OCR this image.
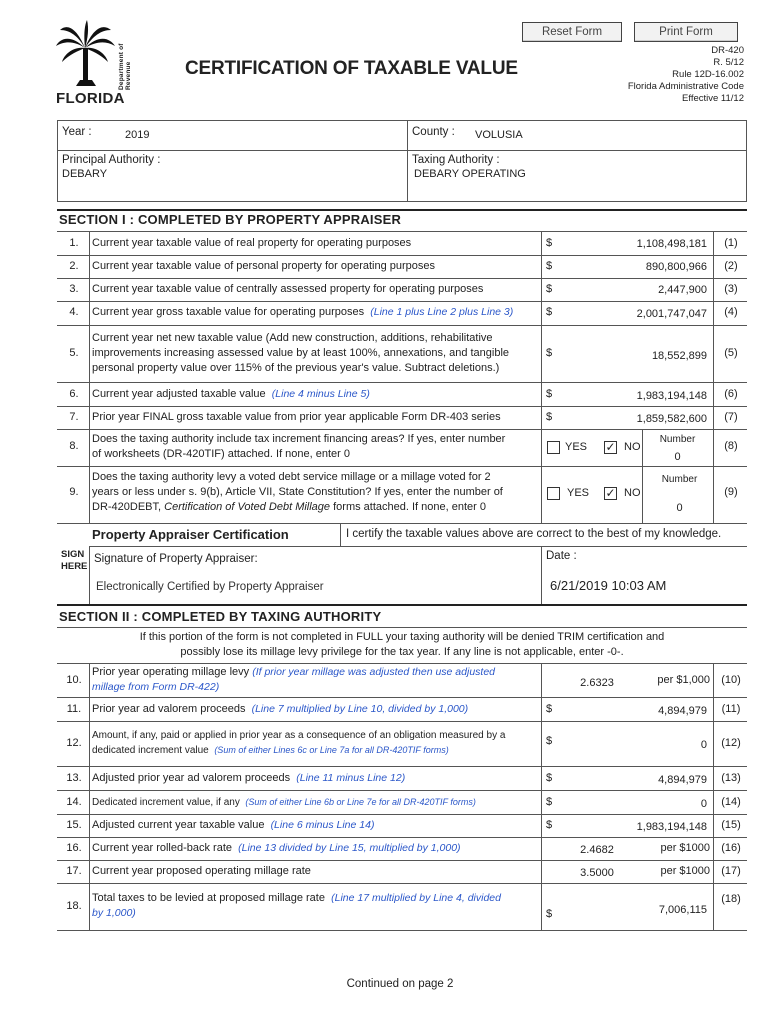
Reset Form	Print Form
Department of Revenue
FLORIDA
CERTIFICATION OF TAXABLE VALUE
DR-420
R. 5/12
Rule 12D-16.002
Florida Administrative Code
Effective 11/12
Year :	2019	County : VOLUSIA
Principal Authority :
DEBARY
Taxing Authority :
DEBARY OPERATING
SECTION I : COMPLETED BY PROPERTY APPRAISER
1.	Current year taxable value of real property for operating purposes	$	1,108,498,181	(1)
2.	Current year taxable value of personal property for operating purposes	$	890,800,966	(2)
3.	Current year taxable value of centrally assessed property for operating purposes	$	2,447,900	(3)
4.	Current year gross taxable value for operating purposes (Line 1 plus Line 2 plus Line 3)	$	2,001,747,047	(4)
5.
Current year net new taxable value (Add new construction, additions, rehabilitative
improvements increasing assessed value by at least 100%, annexations, and tangible
personal property value over 115% of the previous year's value. Subtract deletions.)
$	18,552,899	(5)
6.	Current year adjusted taxable value (Line 4 minus Line 5)	$	1,983,194,148	(6)
7.	Prior year FINAL gross taxable value from prior year applicable Form DR-403 series	$	1,859,582,600	(7)
8.
Does the taxing authority include tax increment financing areas? If yes, enter number
of worksheets (DR-420TIF) attached. If none, enter 0
YES ✓ NO
Number
0
(8)
9.
Does the taxing authority levy a voted debt service millage or a millage voted for 2
years or less under s. 9(b), Article VII, State Constitution? If yes, enter the number of
DR-420DEBT, Certification of Voted Debt Millage forms attached. If none, enter 0
YES ✓ NO
Number
0
(9)
Property Appraiser Certification	I certify the taxable values above are correct to the best of my knowledge.
SIGN
HERE
Signature of Property Appraiser:	Date :
Electronically Certified by Property Appraiser	6/21/2019 10:03 AM
SECTION II : COMPLETED BY TAXING AUTHORITY
If this portion of the form is not completed in FULL your taxing authority will be denied TRIM certification and
possibly lose its millage levy privilege for the tax year. If any line is not applicable, enter -0-.
10.
Prior year operating millage levy (If prior year millage was adjusted then use adjusted
millage from Form DR-422)	2.6323	per $1,000	(10)
11. Prior year ad valorem proceeds (Line 7 multiplied by Line 10, divided by 1,000)	$	4,894,979	(11)
12.
Amount, if any, paid or applied in prior year as a consequence of an obligation measured by a
dedicated increment value (Sum of either Lines 6c or Line 7a for all DR-420TIF forms)
$	0	(12)
13. Adjusted prior year ad valorem proceeds (Line 11 minus Line 12)	$	4,894,979	(13)
14.	Dedicated increment value, if any (Sum of either Line 6b or Line 7e for all DR-420TIF forms)	$	0	(14)
15. Adjusted current year taxable value (Line 6 minus Line 14)	$	1,983,194,148	(15)
16. Current year rolled-back rate (Line 13 divided by Line 15, multiplied by 1,000)	2.4682	per $1000	(16)
17. Current year proposed operating millage rate	3.5000	per $1000	(17)
18.
Total taxes to be levied at proposed millage rate (Line 17 multiplied by Line 4, divided
by 1,000)	$	7,006,115
(18)
Continued on page 2
